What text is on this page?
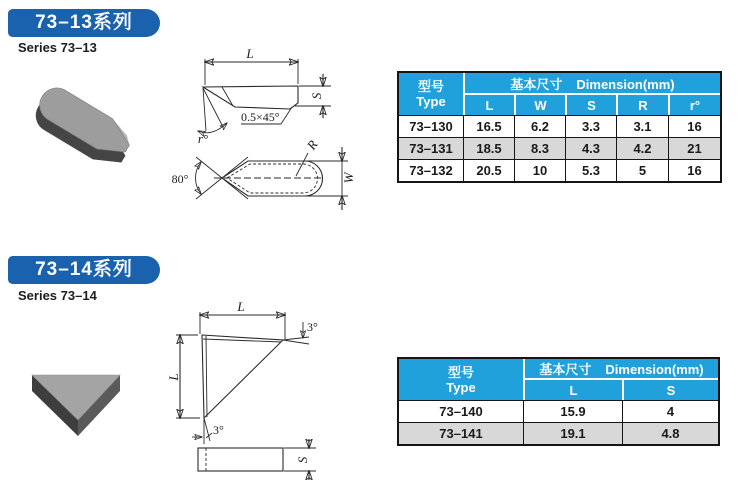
73–13系列
Series 73–13	L
0.5×45°
S
r°
80°
R
W
型号
Type	基本尺寸 Dimension(mm)				
	L	W	S	R	r°
73–130	16.5	6.2	3.3	3.1	16
73–131	18.5	8.3	4.3	4.2	21
73–132	20.5	10	5.3	5	16
73–14系列
Series 73–14
L
L
3°
3°
S
型号
Type	基本尺寸 Dimension(mm)	
	L	S
73–140	15.9	4
73–141	19.1	4.8
